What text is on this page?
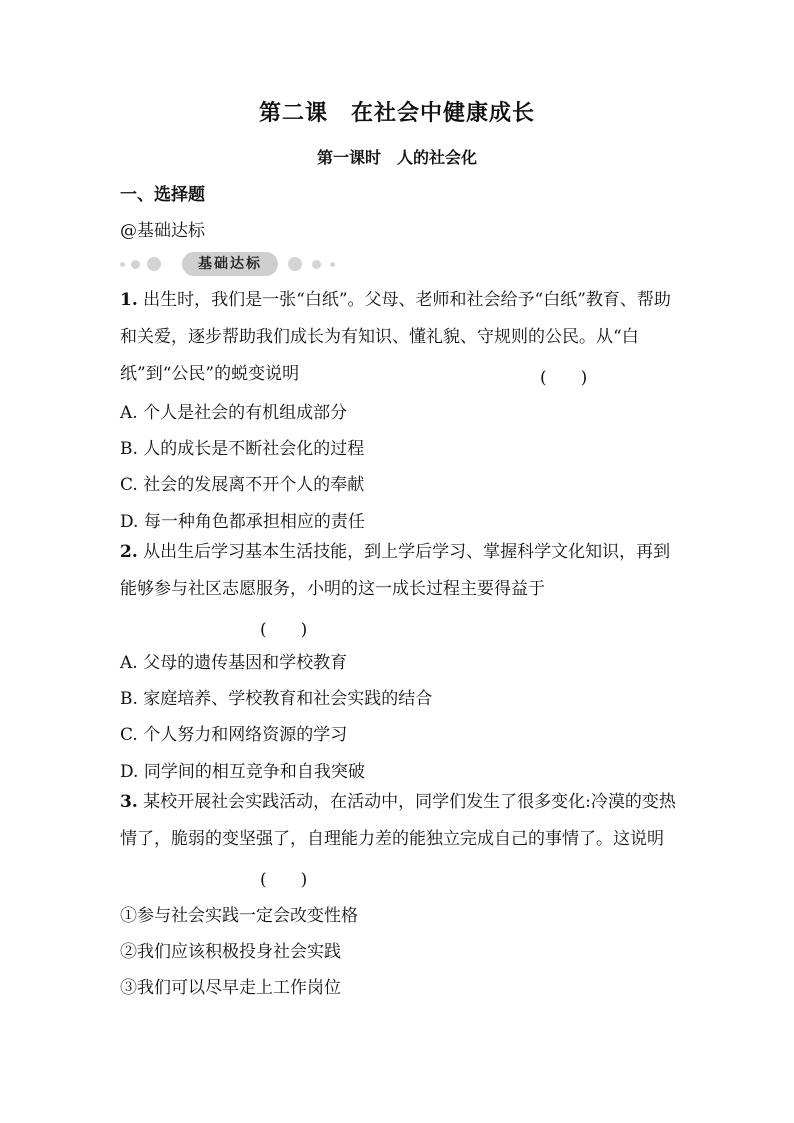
第二课　在社会中健康成长
第一课时　人的社会化
一、选择题
@基础达标
基础达标
1. 出生时，我们是一张“白纸”。父母、老师和社会给予“白纸”教育、帮助和关爱，逐步帮助我们成长为有知识、懂礼貌、守规则的公民。从“白纸”到“公民”的蜕变说明	(　　)
A. 个人是社会的有机组成部分
B. 人的成长是不断社会化的过程
C. 社会的发展离不开个人的奉献
D. 每一种角色都承担相应的责任
2. 从出生后学习基本生活技能，到上学后学习、掌握科学文化知识，再到能够参与社区志愿服务，小明的这一成长过程主要得益于
(　　)
A. 父母的遗传基因和学校教育
B. 家庭培养、学校教育和社会实践的结合
C. 个人努力和网络资源的学习
D. 同学间的相互竞争和自我突破
3. 某校开展社会实践活动，在活动中，同学们发生了很多变化:冷漠的变热情了，脆弱的变坚强了，自理能力差的能独立完成自己的事情了。这说明
(　　)
①参与社会实践一定会改变性格
②我们应该积极投身社会实践
③我们可以尽早走上工作岗位
